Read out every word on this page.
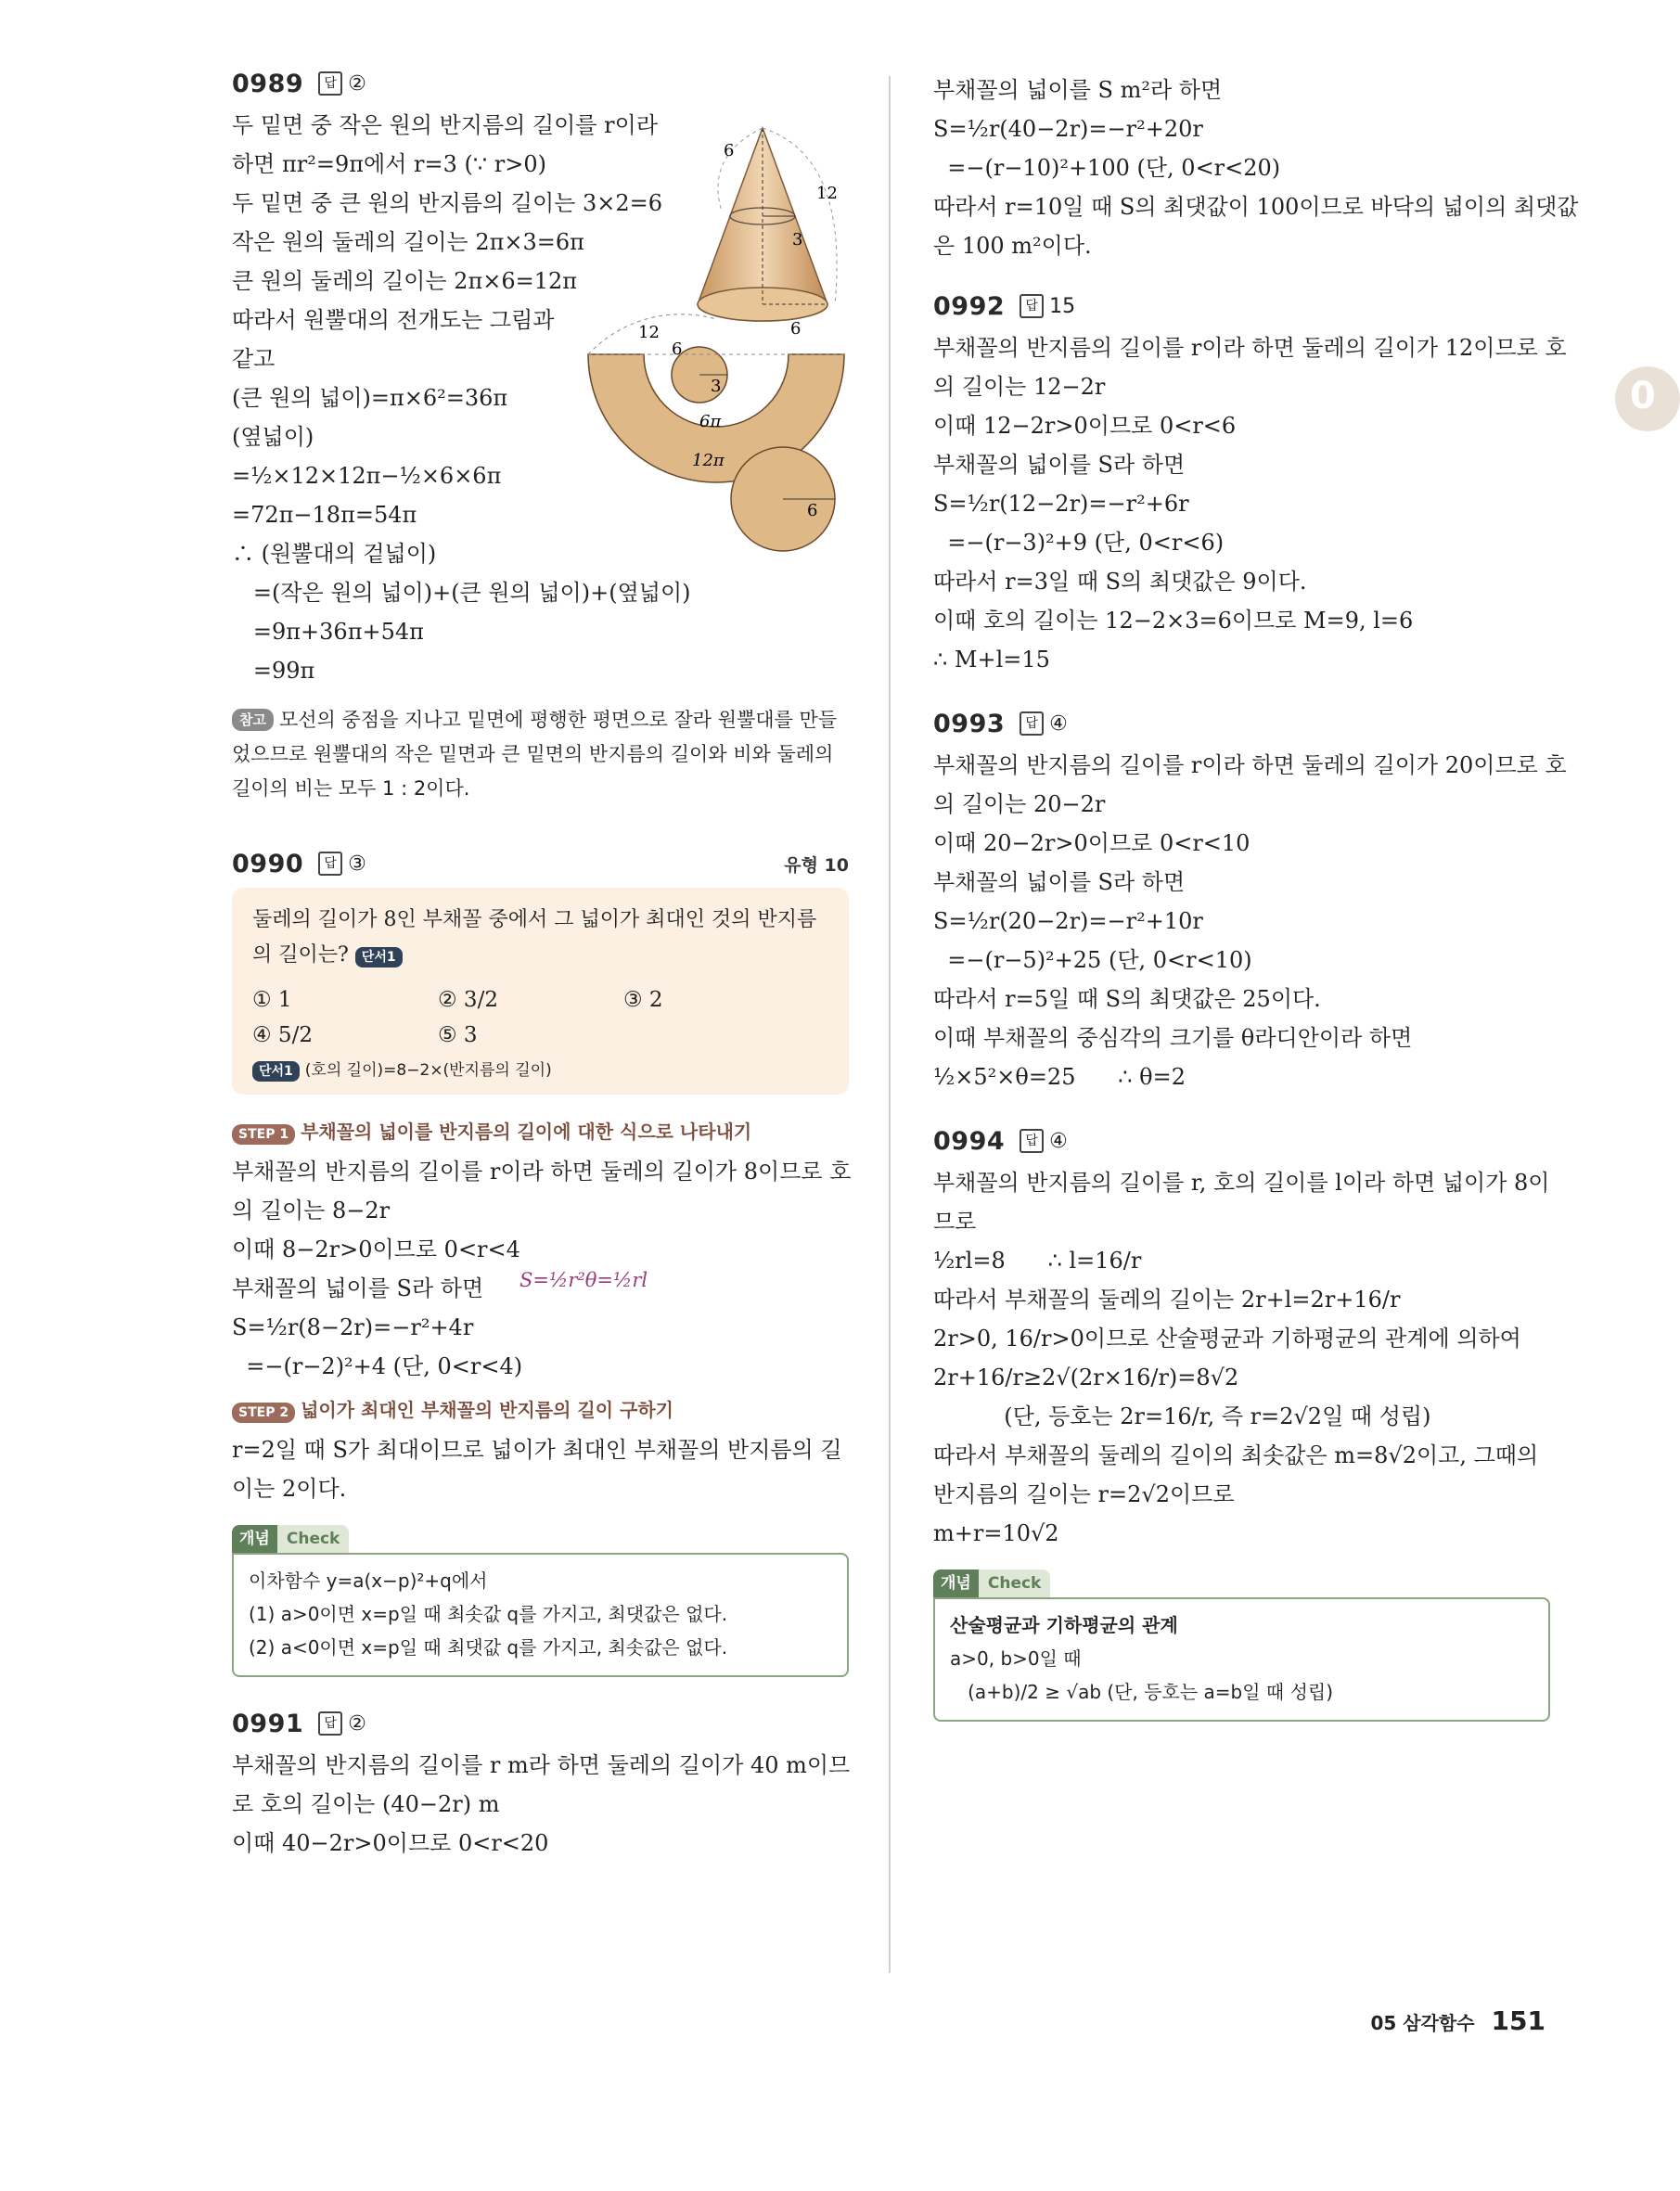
0989	답 ②
두 밑면 중 작은 원의 반지름의 길이를 r이라
하면 πr²=9π에서 r=3 (∵ r>0)
두 밑면 중 큰 원의 반지름의 길이는 3×2=6
작은 원의 둘레의 길이는 2π×3=6π
큰 원의 둘레의 길이는 2π×6=12π
따라서 원뿔대의 전개도는 그림과
같고
(큰 원의 넓이)=π×6²=36π
(옆넓이)
=½×12×12π−½×6×6π
=72π−18π=54π
∴ (원뿔대의 겉넓이)
=(작은 원의 넓이)+(큰 원의 넓이)+(옆넓이)
=9π+36π+54π
=99π
6
12
3
6
12
6
3
6π
12π
6
참고 모선의 중점을 지나고 밑면에 평행한 평면으로 잘라 원뿔대를 만들었으므로 원뿔대의 작은 밑면과 큰 밑면의 반지름의 길이와 비와 둘레의 길이의 비는 모두 1 : 2이다.
0990	답 ③	유형 10
둘레의 길이가 8인 부채꼴 중에서 그 넓이가 최대인 것의 반지름의 길이는? 단서1
① 1	② 3/2	③ 2
④ 5/2	⑤ 3
단서1 (호의 길이)=8−2×(반지름의 길이)
STEP 1 부채꼴의 넓이를 반지름의 길이에 대한 식으로 나타내기
부채꼴의 반지름의 길이를 r이라 하면 둘레의 길이가 8이므로 호
의 길이는 8−2r
이때 8−2r>0이므로 0<r<4
부채꼴의 넓이를 S라 하면
S=½r(8−2r)=−r²+4r
=−(r−2)²+4 (단, 0<r<4)
S=½r²θ=½rl
STEP 2 넓이가 최대인 부채꼴의 반지름의 길이 구하기
r=2일 때 S가 최대이므로 넓이가 최대인 부채꼴의 반지름의 길
이는 2이다.
개념	Check
이차함수 y=a(x−p)²+q에서
(1) a>0이면 x=p일 때 최솟값 q를 가지고, 최댓값은 없다.
(2) a<0이면 x=p일 때 최댓값 q를 가지고, 최솟값은 없다.
0991	답 ②
부채꼴의 반지름의 길이를 r m라 하면 둘레의 길이가 40 m이므
로 호의 길이는 (40−2r) m
이때 40−2r>0이므로 0<r<20
부채꼴의 넓이를 S m²라 하면
S=½r(40−2r)=−r²+20r
=−(r−10)²+100 (단, 0<r<20)
따라서 r=10일 때 S의 최댓값이 100이므로 바닥의 넓이의 최댓값
은 100 m²이다.
0992	답 15
부채꼴의 반지름의 길이를 r이라 하면 둘레의 길이가 12이므로 호
의 길이는 12−2r
이때 12−2r>0이므로 0<r<6
부채꼴의 넓이를 S라 하면
S=½r(12−2r)=−r²+6r
=−(r−3)²+9 (단, 0<r<6)
따라서 r=3일 때 S의 최댓값은 9이다.
이때 호의 길이는 12−2×3=6이므로 M=9, l=6
∴ M+l=15
0993	답 ④
부채꼴의 반지름의 길이를 r이라 하면 둘레의 길이가 20이므로 호
의 길이는 20−2r
이때 20−2r>0이므로 0<r<10
부채꼴의 넓이를 S라 하면
S=½r(20−2r)=−r²+10r
=−(r−5)²+25 (단, 0<r<10)
따라서 r=5일 때 S의 최댓값은 25이다.
이때 부채꼴의 중심각의 크기를 θ라디안이라 하면
½×5²×θ=25      ∴ θ=2
0994	답 ④
부채꼴의 반지름의 길이를 r, 호의 길이를 l이라 하면 넓이가 8이
므로
½rl=8      ∴ l=16/r
따라서 부채꼴의 둘레의 길이는 2r+l=2r+16/r
2r>0, 16/r>0이므로 산술평균과 기하평균의 관계에 의하여
2r+16/r≥2√(2r×16/r)=8√2
(단, 등호는 2r=16/r, 즉 r=2√2일 때 성립)
따라서 부채꼴의 둘레의 길이의 최솟값은 m=8√2이고, 그때의
반지름의 길이는 r=2√2이므로
m+r=10√2
개념	Check
산술평균과 기하평균의 관계
a>0, b>0일 때
(a+b)/2 ≥ √ab (단, 등호는 a=b일 때 성립)
0
05 삼각함수 151
